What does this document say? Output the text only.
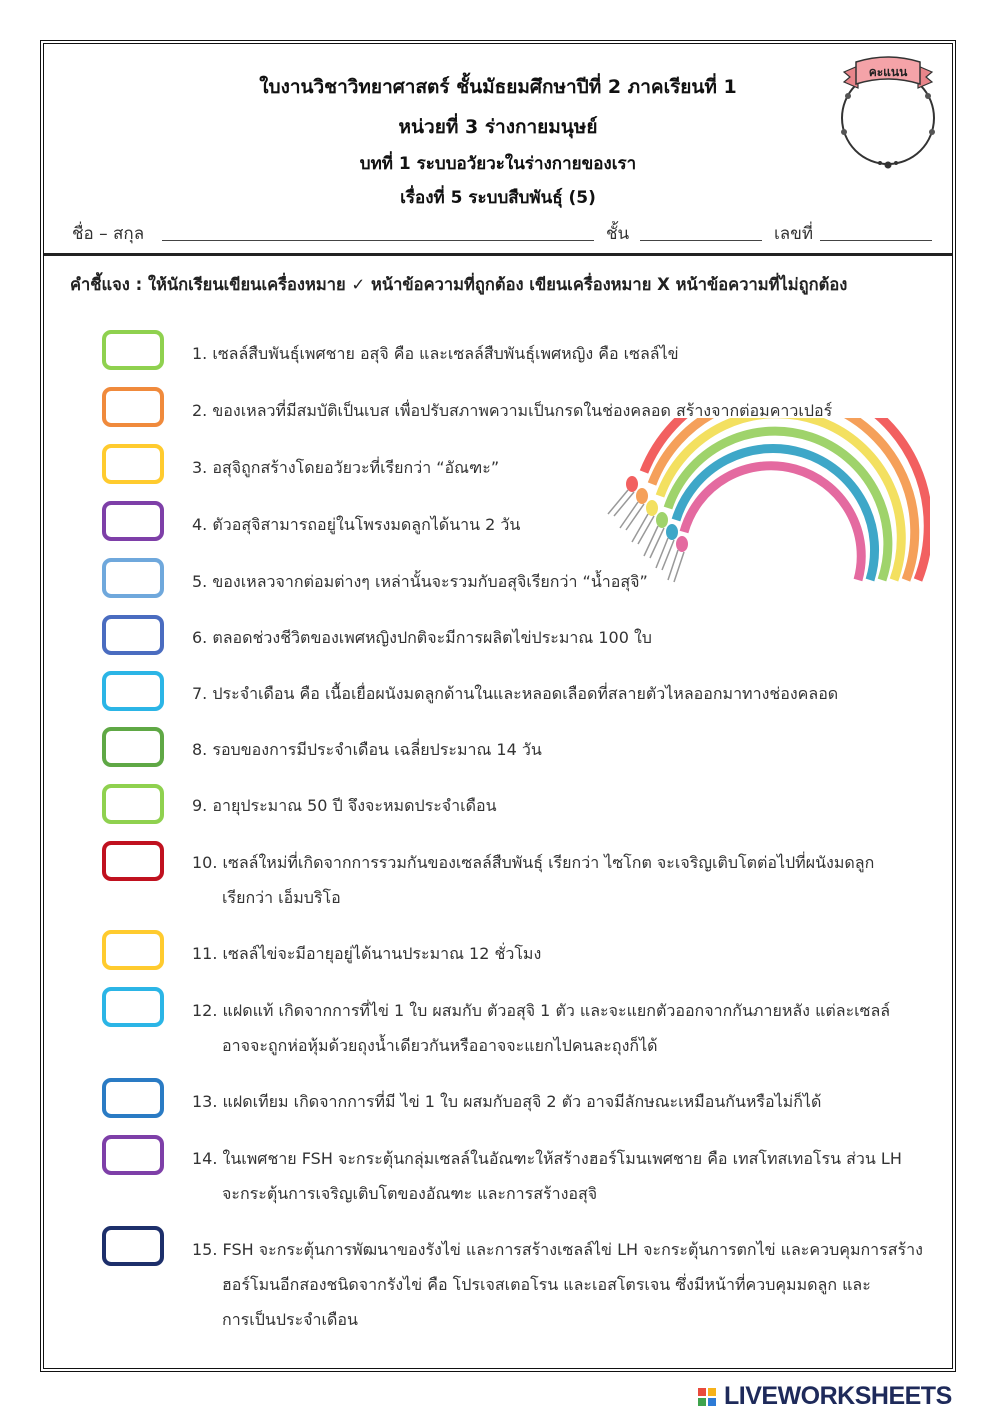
ใบงานวิชาวิทยาศาสตร์ ชั้นมัธยมศึกษาปีที่ 2 ภาคเรียนที่ 1
หน่วยที่ 3 ร่างกายมนุษย์
บทที่ 1 ระบบอวัยวะในร่างกายของเรา
เรื่องที่ 5 ระบบสืบพันธุ์ (5)
ชื่อ – สกุล	ชั้น	เลขที่
คะแนน
คำชี้แจง : ให้นักเรียนเขียนเครื่องหมาย ✓ หน้าข้อความที่ถูกต้อง เขียนเครื่องหมาย X หน้าข้อความที่ไม่ถูกต้อง
1. เซลล์สืบพันธุ์เพศชาย อสุจิ คือ และเซลล์สืบพันธุ์เพศหญิง คือ เซลล์ไข่
2. ของเหลวที่มีสมบัติเป็นเบส เพื่อปรับสภาพความเป็นกรดในช่องคลอด สร้างจากต่อมคาวเปอร์
3. อสุจิถูกสร้างโดยอวัยวะที่เรียกว่า “อัณฑะ”
4. ตัวอสุจิสามารถอยู่ในโพรงมดลูกได้นาน 2 วัน
5. ของเหลวจากต่อมต่างๆ เหล่านั้นจะรวมกับอสุจิเรียกว่า “น้ำอสุจิ”
6. ตลอดช่วงชีวิตของเพศหญิงปกติจะมีการผลิตไข่ประมาณ 100 ใบ
7. ประจำเดือน คือ เนื้อเยื่อผนังมดลูกด้านในและหลอดเลือดที่สลายตัวไหลออกมาทางช่องคลอด
8. รอบของการมีประจำเดือน เฉลี่ยประมาณ 14 วัน
9. อายุประมาณ 50 ปี จึงจะหมดประจำเดือน
10. เซลล์ใหม่ที่เกิดจากการรวมกันของเซลล์สืบพันธุ์ เรียกว่า ไซโกต จะเจริญเติบโตต่อไปที่ผนังมดลูก
เรียกว่า เอ็มบริโอ
11. เซลล์ไข่จะมีอายุอยู่ได้นานประมาณ 12 ชั่วโมง
12. แฝดแท้ เกิดจากการที่ไข่ 1 ใบ ผสมกับ ตัวอสุจิ 1 ตัว และจะแยกตัวออกจากกันภายหลัง แต่ละเซลล์
อาจจะถูกห่อหุ้มด้วยถุงน้ำเดียวกันหรืออาจจะแยกไปคนละถุงก็ได้
13. แฝดเทียม เกิดจากการที่มี ไข่ 1 ใบ ผสมกับอสุจิ 2 ตัว อาจมีลักษณะเหมือนกันหรือไม่ก็ได้
14. ในเพศชาย FSH จะกระตุ้นกลุ่มเซลล์ในอัณฑะให้สร้างฮอร์โมนเพศชาย คือ เทสโทสเทอโรน ส่วน LH
จะกระตุ้นการเจริญเติบโตของอัณฑะ และการสร้างอสุจิ
15. FSH จะกระตุ้นการพัฒนาของรังไข่ และการสร้างเซลล์ไข่ LH จะกระตุ้นการตกไข่ และควบคุมการสร้าง
ฮอร์โมนอีกสองชนิดจากรังไข่ คือ โปรเจสเตอโรน และเอสโตรเจน ซึ่งมีหน้าที่ควบคุมมดลูก และ
การเป็นประจำเดือน
LIVEWORKSHEETS
